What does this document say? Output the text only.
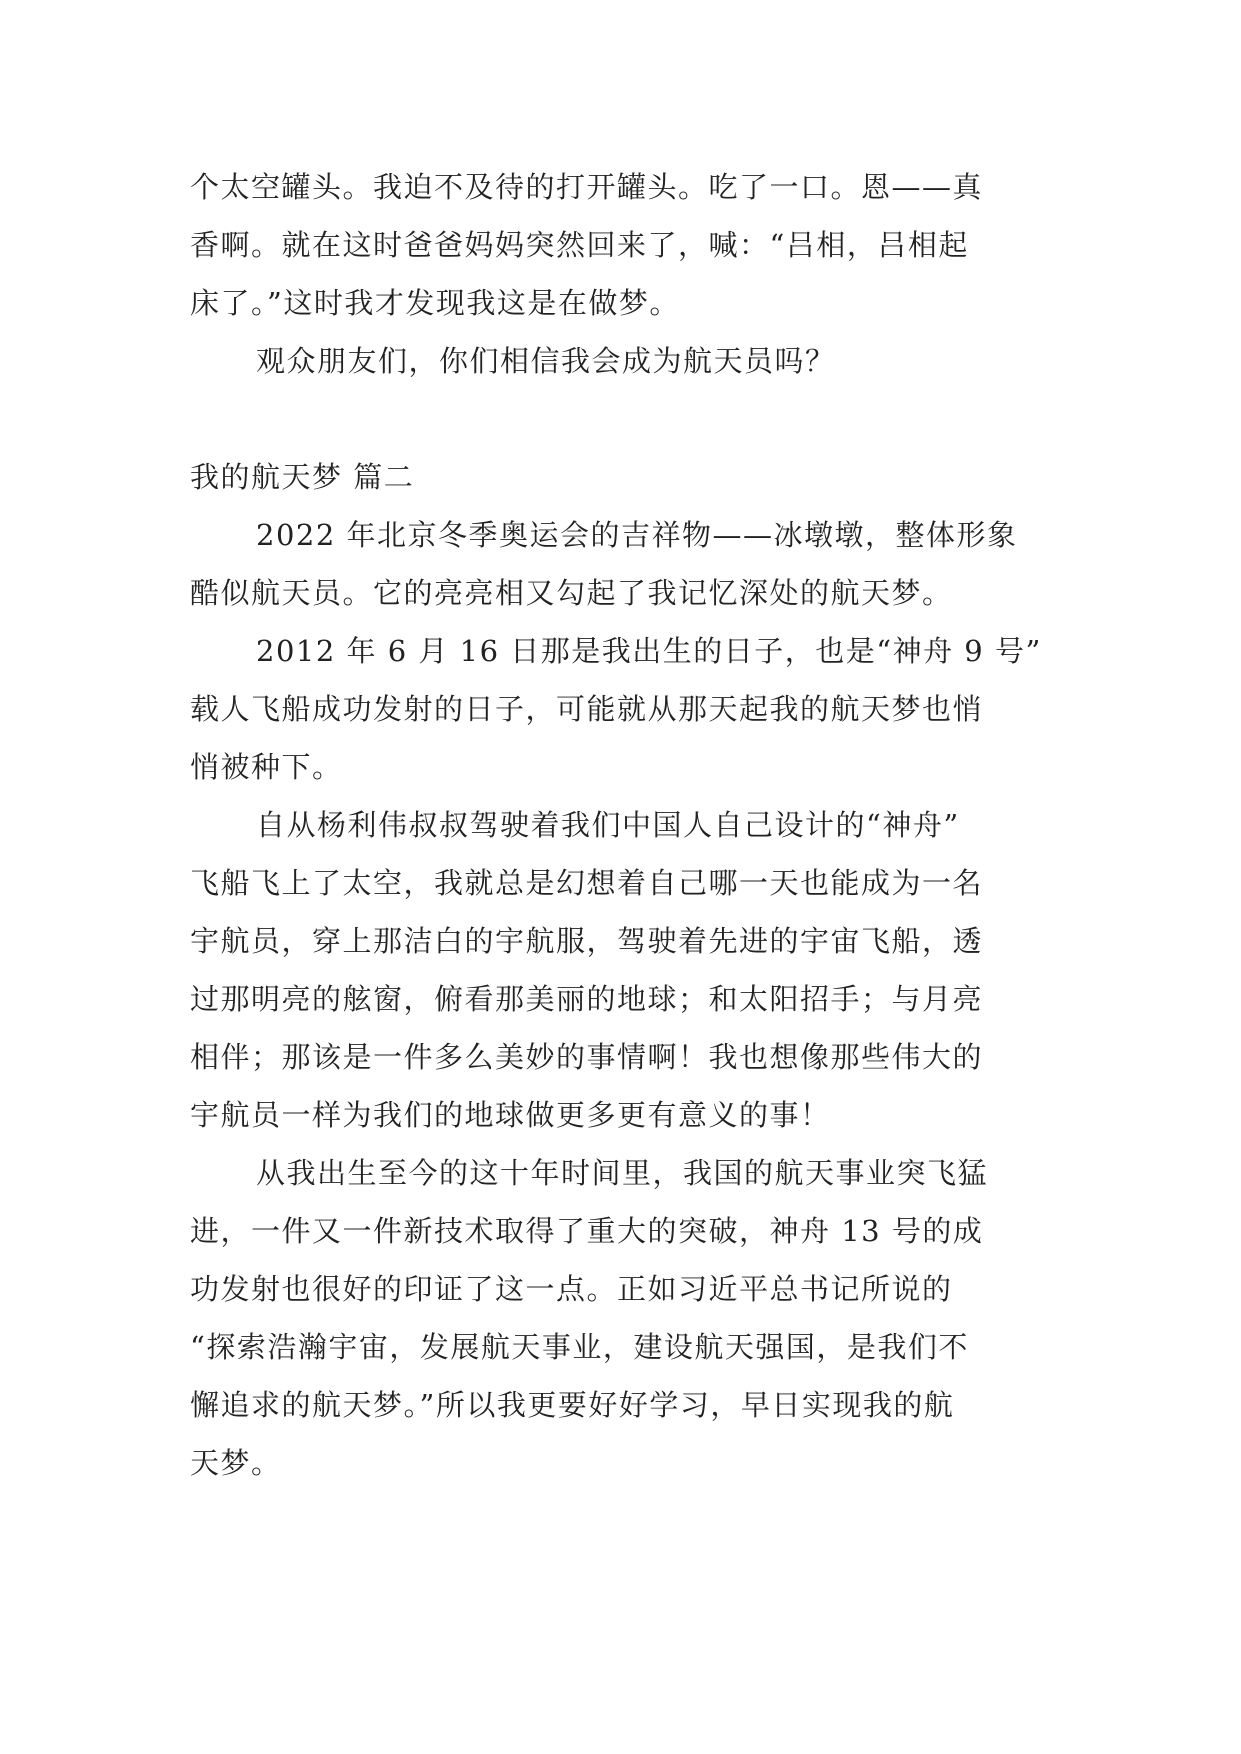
个太空罐头。我迫不及待的打开罐头。吃了一口。恩——真
香啊。就在这时爸爸妈妈突然回来了，喊：“吕相，吕相起
床了。”这时我才发现我这是在做梦。
观众朋友们，你们相信我会成为航天员吗？
我的航天梦 篇二
2022 年北京冬季奥运会的吉祥物——冰墩墩，整体形象
酷似航天员。它的亮亮相又勾起了我记忆深处的航天梦。
2012 年 6 月 16 日那是我出生的日子，也是“神舟 9 号”
载人飞船成功发射的日子，可能就从那天起我的航天梦也悄
悄被种下。
自从杨利伟叔叔驾驶着我们中国人自己设计的“神舟”
飞船飞上了太空，我就总是幻想着自己哪一天也能成为一名
宇航员，穿上那洁白的宇航服，驾驶着先进的宇宙飞船，透
过那明亮的舷窗，俯看那美丽的地球；和太阳招手；与月亮
相伴；那该是一件多么美妙的事情啊！我也想像那些伟大的
宇航员一样为我们的地球做更多更有意义的事！
从我出生至今的这十年时间里，我国的航天事业突飞猛
进，一件又一件新技术取得了重大的突破，神舟 13 号的成
功发射也很好的印证了这一点。正如习近平总书记所说的
“探索浩瀚宇宙，发展航天事业，建设航天强国，是我们不
懈追求的航天梦。”所以我更要好好学习，早日实现我的航
天梦。
